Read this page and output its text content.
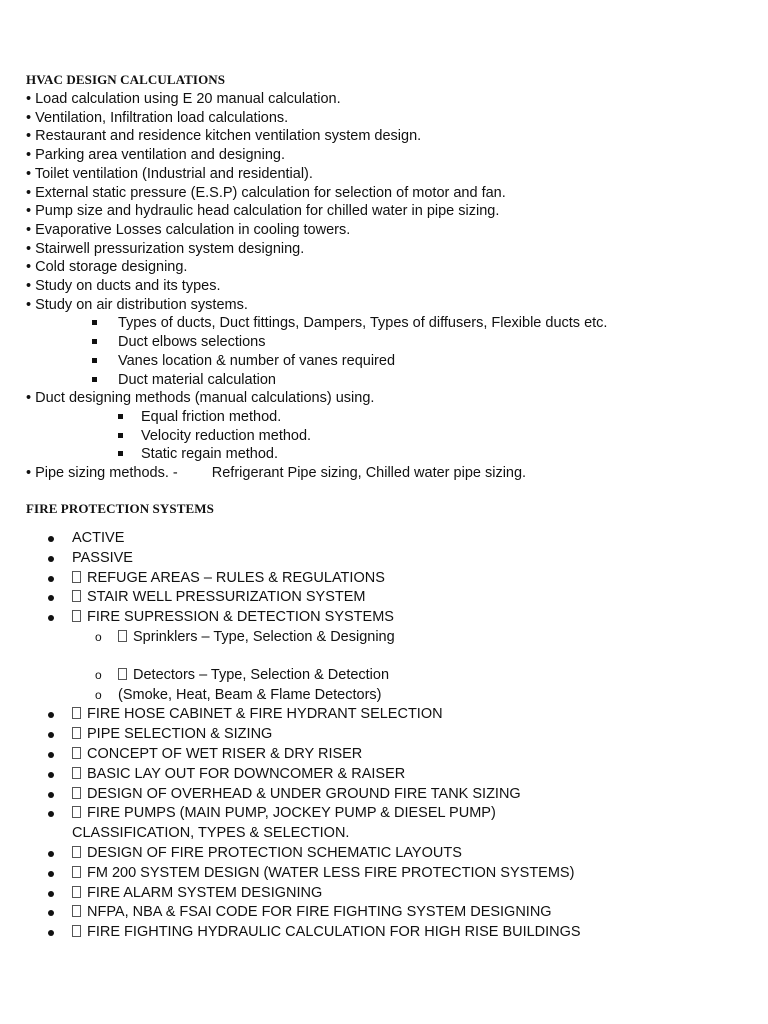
HVAC DESIGN CALCULATIONS
• Load calculation using E 20 manual calculation.
• Ventilation, Infiltration load calculations.
• Restaurant and residence kitchen ventilation system design.
• Parking area ventilation and designing.
• Toilet ventilation (Industrial and residential).
• External static pressure (E.S.P) calculation for selection of motor and fan.
• Pump size and hydraulic head calculation for chilled water in pipe sizing.
• Evaporative Losses calculation in cooling towers.
• Stairwell pressurization system designing.
• Cold storage designing.
• Study on ducts and its types.
• Study on air distribution systems.
Types of ducts, Duct fittings, Dampers, Types of diffusers, Flexible ducts etc.
Duct elbows selections
Vanes location & number of vanes required
Duct material calculation
• Duct designing methods (manual calculations) using.
Equal friction method.
Velocity reduction method.
Static regain method.
• Pipe sizing methods. - Refrigerant Pipe sizing, Chilled water pipe sizing.
FIRE PROTECTION SYSTEMS
ACTIVE
PASSIVE
REFUGE AREAS – RULES & REGULATIONS
STAIR WELL PRESSURIZATION SYSTEM
FIRE SUPRESSION & DETECTION SYSTEMS
o Sprinklers – Type, Selection & Designing
o Detectors – Type, Selection & Detection
o (Smoke, Heat, Beam & Flame Detectors)
FIRE HOSE CABINET & FIRE HYDRANT SELECTION
PIPE SELECTION & SIZING
CONCEPT OF WET RISER & DRY RISER
BASIC LAY OUT FOR DOWNCOMER & RAISER
DESIGN OF OVERHEAD & UNDER GROUND FIRE TANK SIZING
FIRE PUMPS (MAIN PUMP, JOCKEY PUMP & DIESEL PUMP) CLASSIFICATION, TYPES & SELECTION.
DESIGN OF FIRE PROTECTION SCHEMATIC LAYOUTS
FM 200 SYSTEM DESIGN (WATER LESS FIRE PROTECTION SYSTEMS)
FIRE ALARM SYSTEM DESIGNING
NFPA, NBA & FSAI CODE FOR FIRE FIGHTING SYSTEM DESIGNING
FIRE FIGHTING HYDRAULIC CALCULATION FOR HIGH RISE BUILDINGS
